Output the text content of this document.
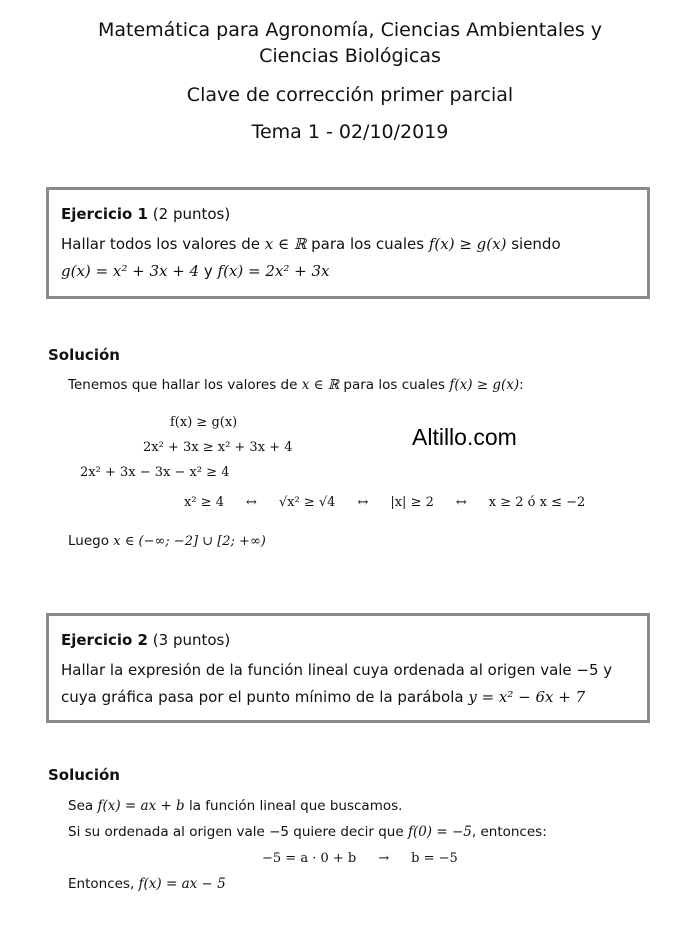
Matemática para Agronomía, Ciencias Ambientales y
Ciencias Biológicas
Clave de corrección primer parcial
Tema 1 - 02/10/2019
Ejercicio 1 (2 puntos)
Hallar todos los valores de x ∈ ℝ para los cuales f(x) ≥ g(x) siendo
g(x) = x² + 3x + 4 y f(x) = 2x² + 3x
Solución
Tenemos que hallar los valores de x ∈ ℝ para los cuales f(x) ≥ g(x):
f(x) ≥ g(x)
2x² + 3x ≥ x² + 3x + 4
2x² + 3x − 3x − x² ≥ 4
x² ≥ 4 ↔ √x² ≥ √4 ↔ |x| ≥ 2 ↔ x ≥ 2 ó x ≤ −2
Luego x ∈ (−∞; −2] ∪ [2; +∞)
Altillo.com
Ejercicio 2 (3 puntos)
Hallar la expresión de la función lineal cuya ordenada al origen vale −5 y
cuya gráfica pasa por el punto mínimo de la parábola y = x² − 6x + 7
Solución
Sea f(x) = ax + b la función lineal que buscamos.
Si su ordenada al origen vale −5 quiere decir que f(0) = −5, entonces:
−5 = a · 0 + b → b = −5
Entonces, f(x) = ax − 5
